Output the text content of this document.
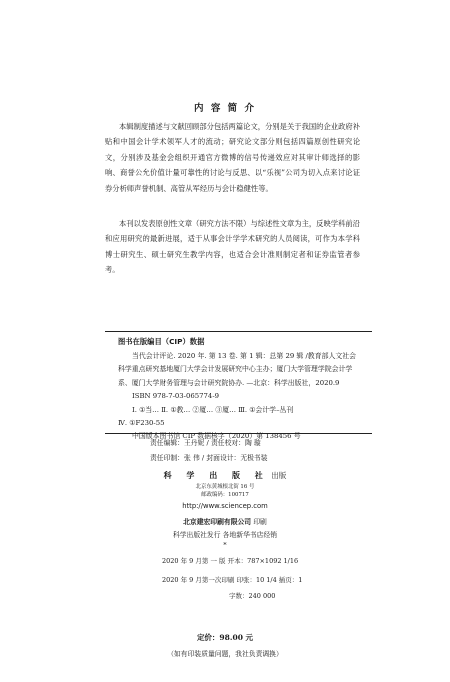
内 容 简 介

本辑制度描述与文献回顾部分包括两篇论文，分别是关于我国的企业政府补贴和中国会计学术领军人才的流动；研究论文部分则包括四篇原创性研究论文，分别涉及基金会组织开通官方微博的信号传递效应对其审计师选择的影响、商誉公允价值计量可靠性的讨论与反思、以“乐视”公司为切入点来讨论证券分析师声誉机制、高管从军经历与会计稳健性等。

本刊以发表原创性文章（研究方法不限）与综述性文章为主，反映学科前沿和应用研究的最新进展，适于从事会计学学术研究的人员阅读，可作为本学科博士研究生、硕士研究生教学内容，也适合会计准则制定者和证券监管者参考。

图书在版编目（CIP）数据

当代会计评论. 2020 年. 第 13 卷. 第 1 辑：总第 29 辑 /教育部人文社会科学重点研究基地厦门大学会计发展研究中心主办；厦门大学管理学院会计学系、厦门大学财务管理与会计研究院协办. —北京：科学出版社，2020.9

ISBN 978-7-03-065774-9

Ⅰ. ①当… Ⅱ. ①教… ②厦… ③厦… Ⅲ. ①会计学–丛刊

Ⅳ. ①F230-55

中国版本图书馆 CIP 数据核字（2020）第 138456 号

责任编辑：王丹妮 / 责任校对：陶 璇
责任印制：张 伟 / 封面设计：无极书装
科 学 出 版 社 出版
北京东黄城根北街 16 号
邮政编码：100717
http://www.sciencep.com
北京建宏印刷有限公司 印刷
科学出版社发行 各地新华书店经销
*
2020 年 9 月第 一 版 开本：787×1092 1/16
2020 年 9 月第一次印刷 印张：10 1/4 插页：1
字数：240 000
定价：98.00 元
（如有印装质量问题，我社负责调换）
